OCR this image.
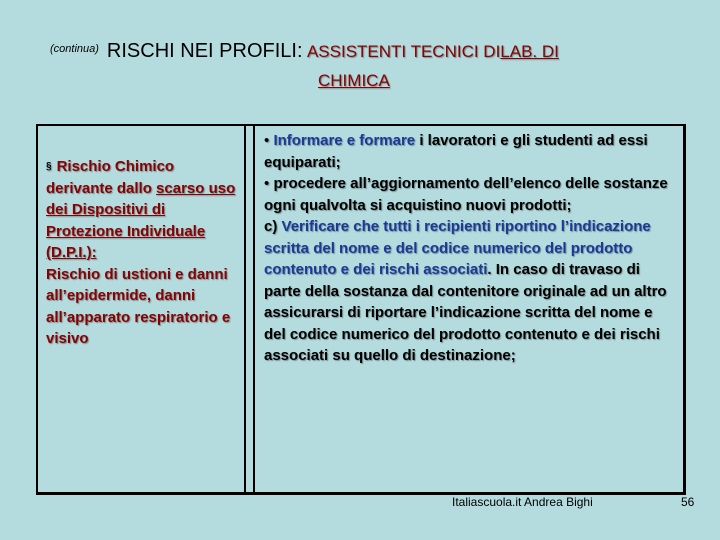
$^{(continua)}$ RISCHI NEI PROFILI: ASSISTENTI TECNICI DILAB. DI
CHIMICA
§ Rischio Chimico derivante dallo scarso uso dei Dispositivi di Protezione Individuale (D.P.I.):
Rischio di ustioni e danni all’epidermide, danni all’apparato respiratorio e visivo
• Informare e formare i lavoratori e gli studenti ad essi equiparati;
• procedere all’aggiornamento dell’elenco delle sostanze ogni qualvolta si acquistino nuovi prodotti;
c) Verificare che tutti i recipienti riportino l’indicazione scritta del nome e del codice numerico del prodotto contenuto e dei rischi associati. In caso di travaso di parte della sostanza dal contenitore originale ad un altro assicurarsi di riportare l’indicazione scritta del nome e del codice numerico del prodotto contenuto e dei rischi associati su quello di destinazione;
Italiascuola.it Andrea Bighi	56
